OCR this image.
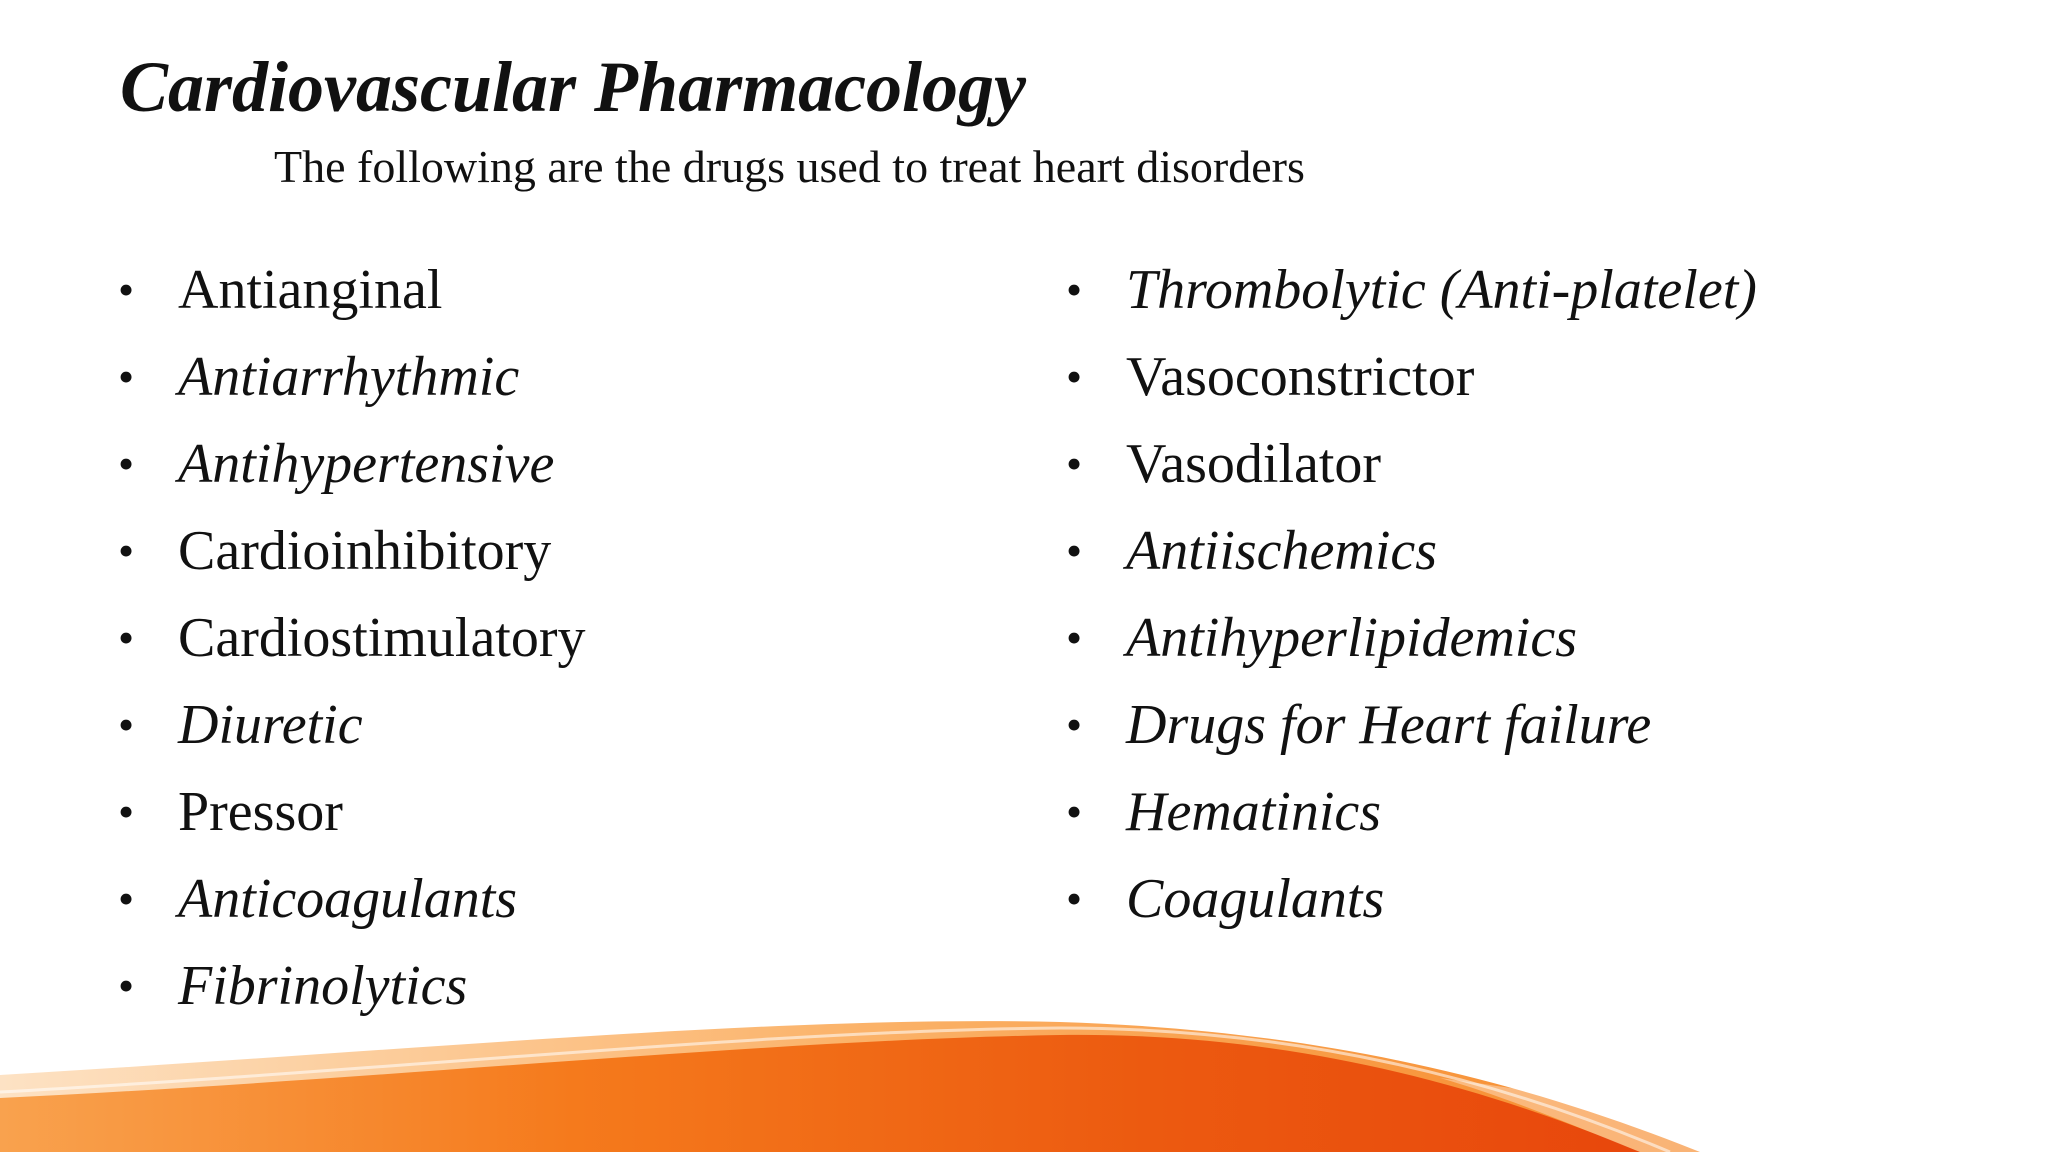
Cardiovascular Pharmacology

The following are the drugs used to treat heart disorders

• Antianginal
• Antiarrhythmic
• Antihypertensive
• Cardioinhibitory
• Cardiostimulatory
• Diuretic
• Pressor
• Anticoagulants
• Fibrinolytics
• Thrombolytic (Anti-platelet)
• Vasoconstrictor
• Vasodilator
• Antiischemics
• Antihyperlipidemics
• Drugs for Heart failure
• Hematinics
• Coagulants
